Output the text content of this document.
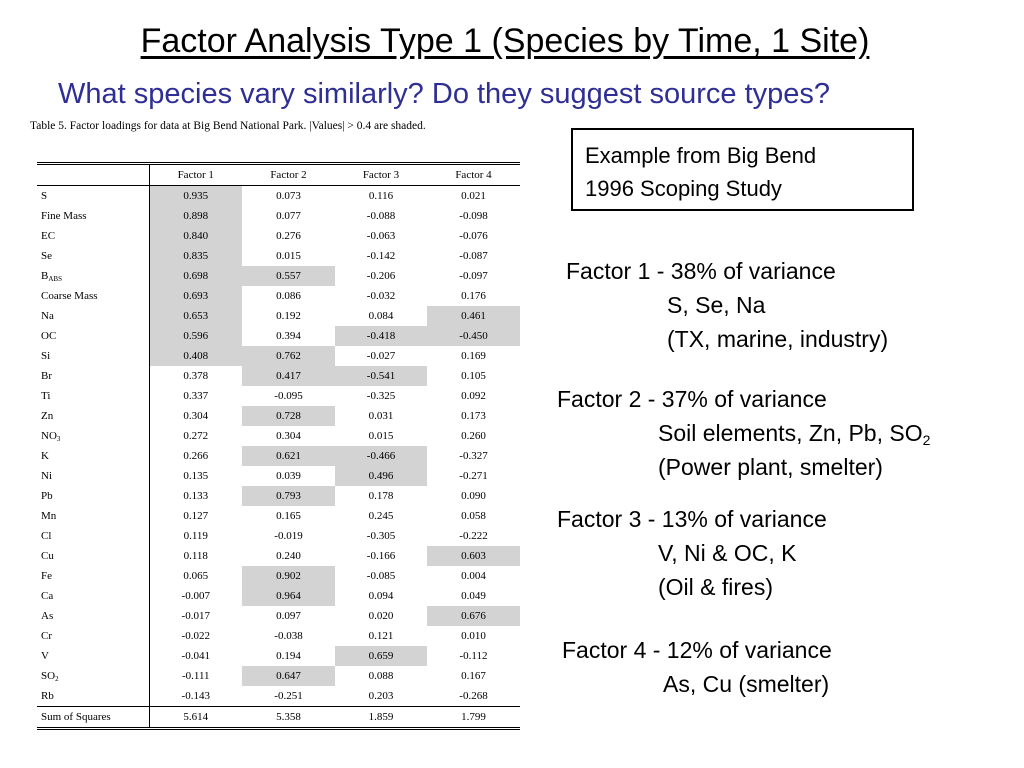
Factor Analysis Type 1 (Species by Time, 1 Site)
What species vary similarly? Do they suggest source types?
Table 5. Factor loadings for data at Big Bend National Park. |Values| > 0.4 are shaded.
	Factor 1	Factor 2	Factor 3	Factor 4
S	0.935	0.073	0.116	0.021
Fine Mass	0.898	0.077	-0.088	-0.098
EC	0.840	0.276	-0.063	-0.076
Se	0.835	0.015	-0.142	-0.087
$B_{ABS}$	0.698	0.557	-0.206	-0.097
Coarse Mass	0.693	0.086	-0.032	0.176
Na	0.653	0.192	0.084	0.461
OC	0.596	0.394	-0.418	-0.450
Si	0.408	0.762	-0.027	0.169
Br	0.378	0.417	-0.541	0.105
Ti	0.337	-0.095	-0.325	0.092
Zn	0.304	0.728	0.031	0.173
$NO_3$	0.272	0.304	0.015	0.260
K	0.266	0.621	-0.466	-0.327
Ni	0.135	0.039	0.496	-0.271
Pb	0.133	0.793	0.178	0.090
Mn	0.127	0.165	0.245	0.058
Cl	0.119	-0.019	-0.305	-0.222
Cu	0.118	0.240	-0.166	0.603
Fe	0.065	0.902	-0.085	0.004
Ca	-0.007	0.964	0.094	0.049
As	-0.017	0.097	0.020	0.676
Cr	-0.022	-0.038	0.121	0.010
V	-0.041	0.194	0.659	-0.112
$SO_2$	-0.111	0.647	0.088	0.167
Rb	-0.143	-0.251	0.203	-0.268
Sum of Squares	5.614	5.358	1.859	1.799
Example from Big Bend
1996 Scoping Study
Factor 1 - 38% of variance
S, Se, Na
(TX, marine, industry)
Factor 2 - 37% of variance
Soil elements, Zn, Pb, SO2
(Power plant, smelter)
Factor 3 - 13% of variance
V, Ni & OC, K
(Oil & fires)
Factor 4 - 12% of variance
As, Cu (smelter)
